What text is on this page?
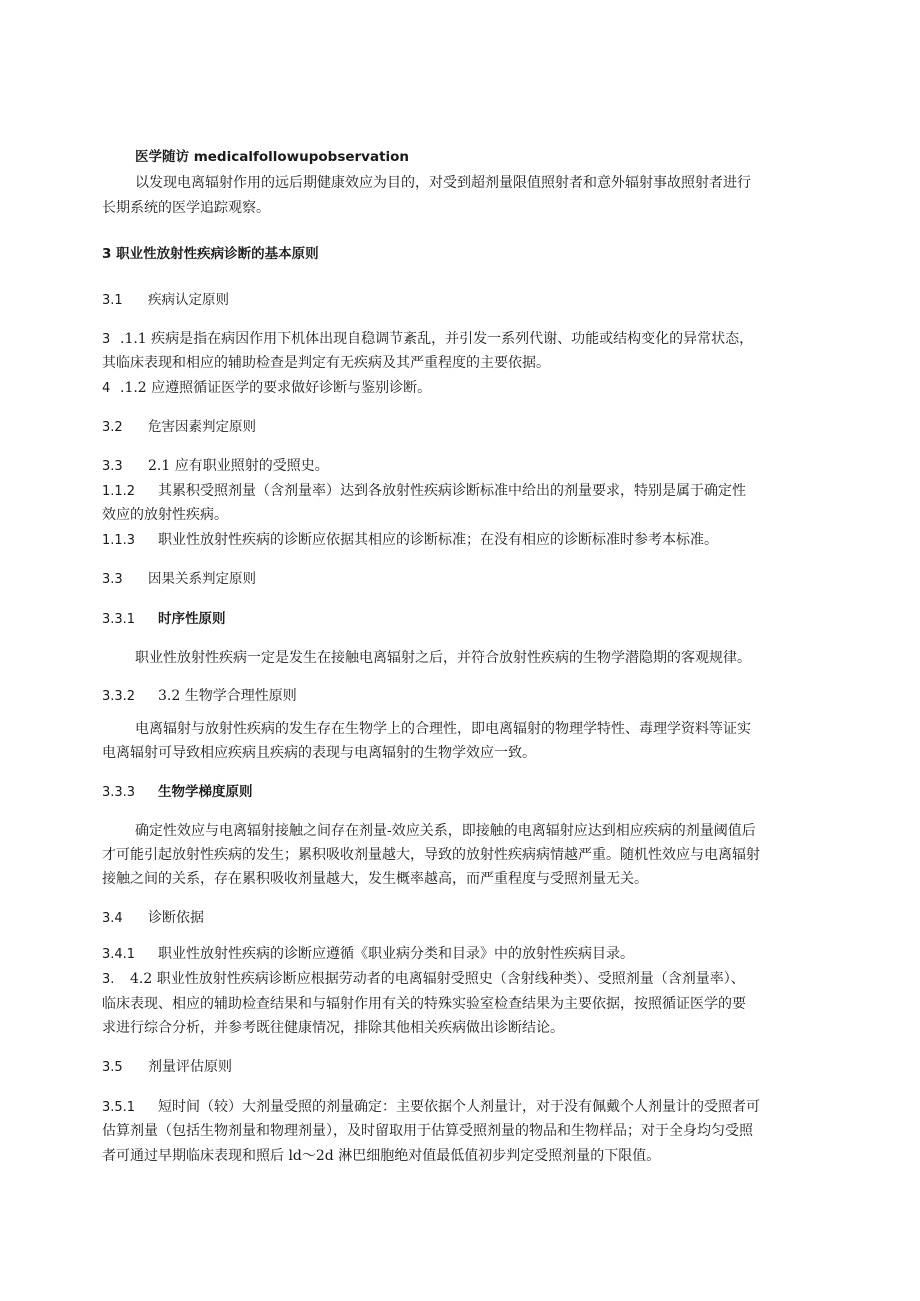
医学随访 medicalfollowupobservation

以发现电离辐射作用的远后期健康效应为目的，对受到超剂量限值照射者和意外辐射事故照射者进行

长期系统的医学追踪观察。

3 职业性放射性疾病诊断的基本原则

3.1 疾病认定原则

3 .1.1 疾病是指在病因作用下机体出现自稳调节紊乱，并引发一系列代谢、功能或结构变化的异常状态，

其临床表现和相应的辅助检查是判定有无疾病及其严重程度的主要依据。

4 .1.2 应遵照循证医学的要求做好诊断与鉴别诊断。

3.2 危害因素判定原则

3.3 2.1 应有职业照射的受照史。

1.1.2 其累积受照剂量（含剂量率）达到各放射性疾病诊断标准中给出的剂量要求，特别是属于确定性

效应的放射性疾病。

1.1.3 职业性放射性疾病的诊断应依据其相应的诊断标准；在没有相应的诊断标准时参考本标准。

3.3 因果关系判定原则

3.3.1 时序性原则

职业性放射性疾病一定是发生在接触电离辐射之后，并符合放射性疾病的生物学潜隐期的客观规律。

3.3.2 3.2 生物学合理性原则

电离辐射与放射性疾病的发生存在生物学上的合理性，即电离辐射的物理学特性、毒理学资料等证实

电离辐射可导致相应疾病且疾病的表现与电离辐射的生物学效应一致。

3.3.3 生物学梯度原则

确定性效应与电离辐射接触之间存在剂量-效应关系，即接触的电离辐射应达到相应疾病的剂量阈值后

才可能引起放射性疾病的发生；累积吸收剂量越大，导致的放射性疾病病情越严重。随机性效应与电离辐射

接触之间的关系，存在累积吸收剂量越大，发生概率越高，而严重程度与受照剂量无关。

3.4 诊断依据

3.4.1 职业性放射性疾病的诊断应遵循《职业病分类和目录》中的放射性疾病目录。

3. 4.2 职业性放射性疾病诊断应根据劳动者的电离辐射受照史（含射线种类）、受照剂量（含剂量率）、

临床表现、相应的辅助检查结果和与辐射作用有关的特殊实验室检查结果为主要依据，按照循证医学的要

求进行综合分析，并参考既往健康情况，排除其他相关疾病做出诊断结论。

3.5 剂量评估原则

3.5.1 短时间（较）大剂量受照的剂量确定：主要依据个人剂量计，对于没有佩戴个人剂量计的受照者可

估算剂量（包括生物剂量和物理剂量），及时留取用于估算受照剂量的物品和生物样品；对于全身均匀受照

者可通过早期临床表现和照后 ld～2d 淋巴细胞绝对值最低值初步判定受照剂量的下限值。
